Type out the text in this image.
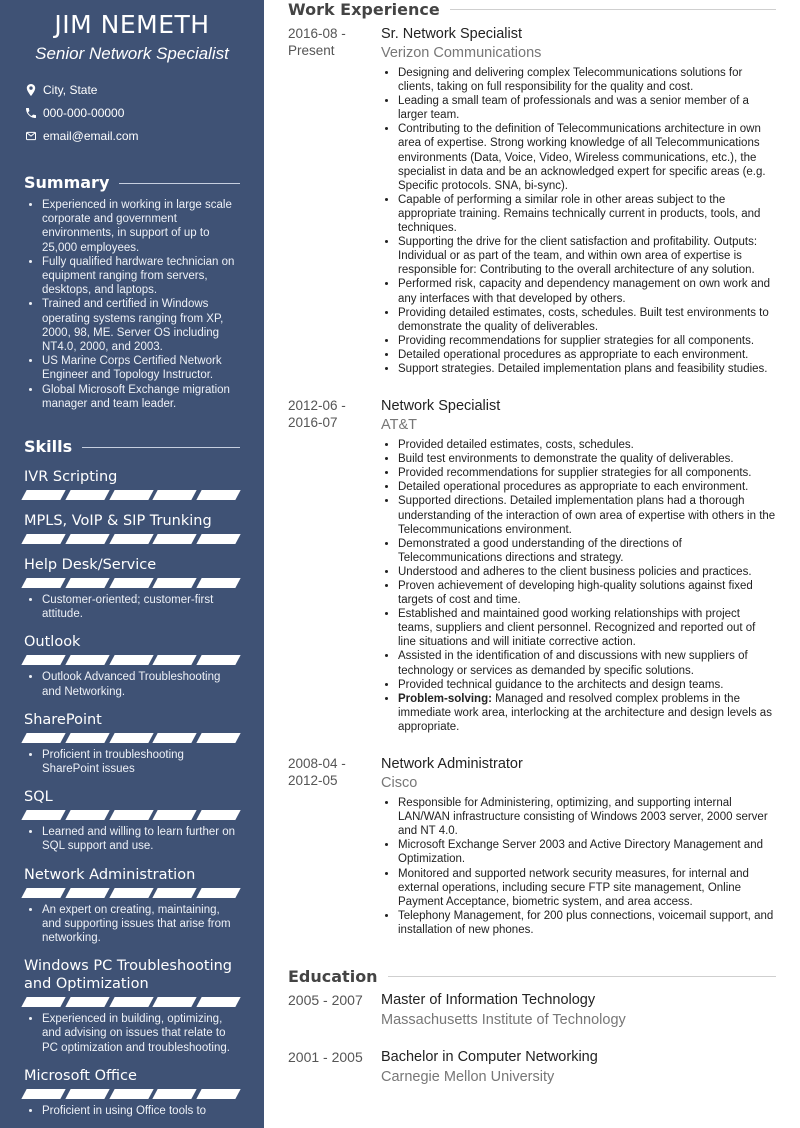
JIM NEMETH
Senior Network Specialist
City, State
000-000-00000
email@email.com
Summary
• Experienced in working in large scale corporate and government environments, in support of up to 25,000 employees.
• Fully qualified hardware technician on equipment ranging from servers, desktops, and laptops.
• Trained and certified in Windows operating systems ranging from XP, 2000, 98, ME. Server OS including NT4.0, 2000, and 2003.
• US Marine Corps Certified Network Engineer and Topology Instructor.
• Global Microsoft Exchange migration manager and team leader.
Skills
IVR Scripting
MPLS, VoIP & SIP Trunking
Help Desk/Service
• Customer-oriented; customer-first attitude.
Outlook
• Outlook Advanced Troubleshooting and Networking.
SharePoint
• Proficient in troubleshooting SharePoint issues
SQL
• Learned and willing to learn further on SQL support and use.
Network Administration
• An expert on creating, maintaining, and supporting issues that arise from networking.
Windows PC Troubleshooting and Optimization
• Experienced in building, optimizing, and advising on issues that relate to PC optimization and troubleshooting.
Microsoft Office
• Proficient in using Office tools to
Work Experience
2016-08 -
Present
Sr. Network Specialist
Verizon Communications
• Designing and delivering complex Telecommunications solutions for clients, taking on full responsibility for the quality and cost.
• Leading a small team of professionals and was a senior member of a larger team.
• Contributing to the definition of Telecommunications architecture in own area of expertise. Strong working knowledge of all Telecommunications environments (Data, Voice, Video, Wireless communications, etc.), the specialist in data and be an acknowledged expert for specific areas (e.g. Specific protocols. SNA, bi-sync).
• Capable of performing a similar role in other areas subject to the appropriate training. Remains technically current in products, tools, and techniques.
• Supporting the drive for the client satisfaction and profitability. Outputs: Individual or as part of the team, and within own area of expertise is responsible for: Contributing to the overall architecture of any solution.
• Performed risk, capacity and dependency management on own work and any interfaces with that developed by others.
• Providing detailed estimates, costs, schedules. Built test environments to demonstrate the quality of deliverables.
• Providing recommendations for supplier strategies for all components.
• Detailed operational procedures as appropriate to each environment.
• Support strategies. Detailed implementation plans and feasibility studies.
2012-06 -
2016-07
Network Specialist
AT&T
• Provided detailed estimates, costs, schedules.
• Build test environments to demonstrate the quality of deliverables.
• Provided recommendations for supplier strategies for all components.
• Detailed operational procedures as appropriate to each environment.
• Supported directions. Detailed implementation plans had a thorough understanding of the interaction of own area of expertise with others in the Telecommunications environment.
• Demonstrated a good understanding of the directions of Telecommunications directions and strategy.
• Understood and adheres to the client business policies and practices.
• Proven achievement of developing high-quality solutions against fixed targets of cost and time.
• Established and maintained good working relationships with project teams, suppliers and client personnel. Recognized and reported out of line situations and will initiate corrective action.
• Assisted in the identification of and discussions with new suppliers of technology or services as demanded by specific solutions.
• Provided technical guidance to the architects and design teams.
• Problem-solving: Managed and resolved complex problems in the immediate work area, interlocking at the architecture and design levels as appropriate.
2008-04 -
2012-05
Network Administrator
Cisco
• Responsible for Administering, optimizing, and supporting internal LAN/WAN infrastructure consisting of Windows 2003 server, 2000 server and NT 4.0.
• Microsoft Exchange Server 2003 and Active Directory Management and Optimization.
• Monitored and supported network security measures, for internal and external operations, including secure FTP site management, Online Payment Acceptance, biometric system, and area access.
• Telephony Management, for 200 plus connections, voicemail support, and installation of new phones.
Education
2005 - 2007	Master of Information Technology
Massachusetts Institute of Technology
2001 - 2005	Bachelor in Computer Networking
Carnegie Mellon University
